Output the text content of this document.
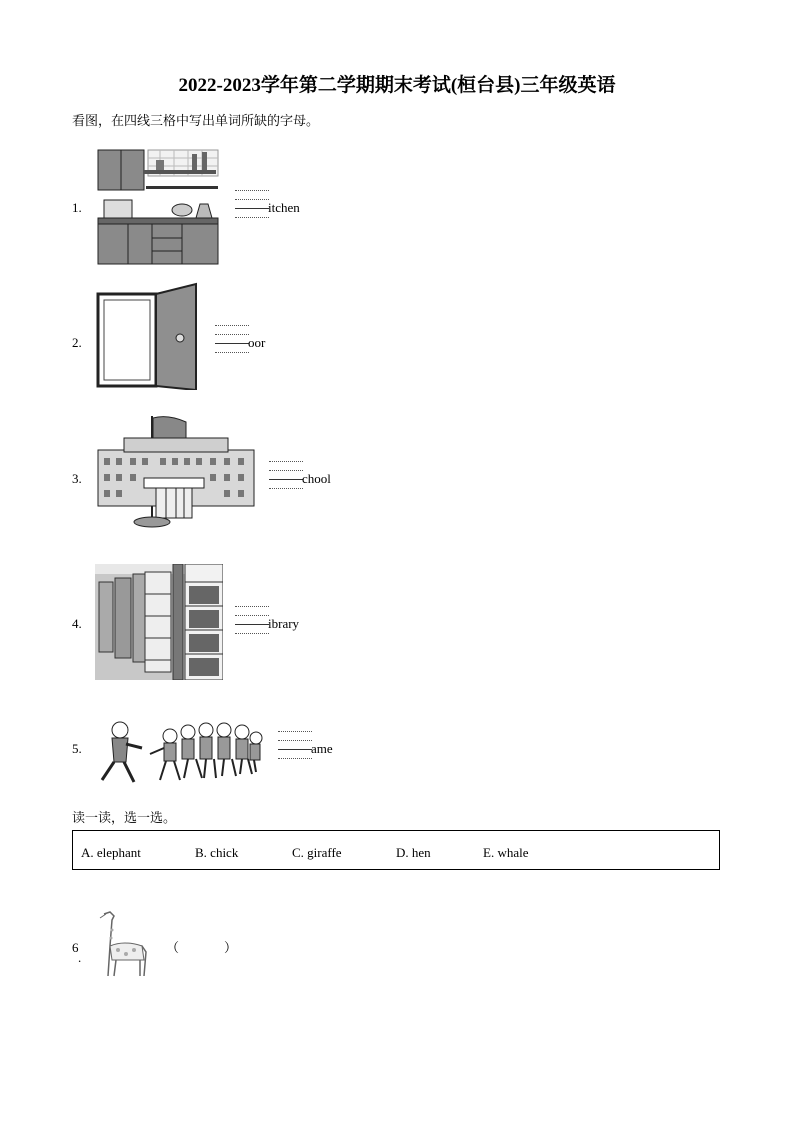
2022-2023学年第二学期期末考试(桓台县)三年级英语
看图，在四线三格中写出单词所缺的字母。
1.	itchen
2.	oor
3.	chool
4.	ibrary
5.	ame
读一读，选一选。
A. elephant	B. chick	C. giraffe	D. hen	E. whale
6
.
（	）
